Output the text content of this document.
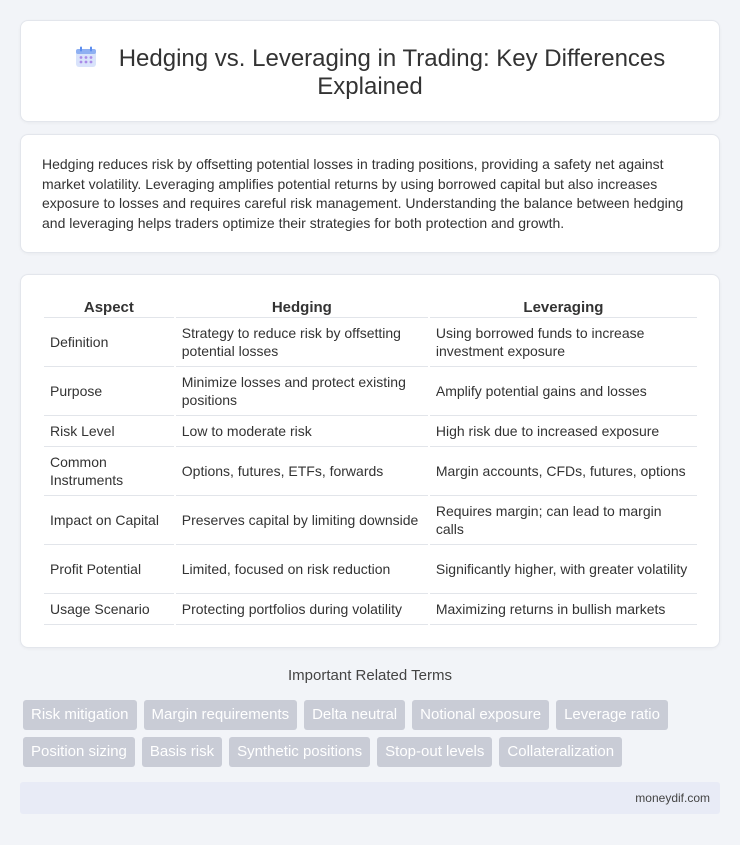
Hedging vs. Leveraging in Trading: Key Differences Explained

Hedging reduces risk by offsetting potential losses in trading positions, providing a safety net against market volatility. Leveraging amplifies potential returns by using borrowed capital but also increases exposure to losses and requires careful risk management. Understanding the balance between hedging and leveraging helps traders optimize their strategies for both protection and growth.

Aspect	Hedging	Leveraging
Definition	Strategy to reduce risk by offsetting potential losses	Using borrowed funds to increase investment exposure
Purpose	Minimize losses and protect existing positions	Amplify potential gains and losses
Risk Level	Low to moderate risk	High risk due to increased exposure
Common Instruments	Options, futures, ETFs, forwards	Margin accounts, CFDs, futures, options
Impact on Capital	Preserves capital by limiting downside	Requires margin; can lead to margin calls
Profit Potential	Limited, focused on risk reduction	Significantly higher, with greater volatility
Usage Scenario	Protecting portfolios during volatility	Maximizing returns in bullish markets
Important Related Terms
Risk mitigation	Margin requirements	Delta neutral	Notional exposure	Leverage ratio
Position sizing	Basis risk	Synthetic positions	Stop-out levels	Collateralization
moneydif.com
